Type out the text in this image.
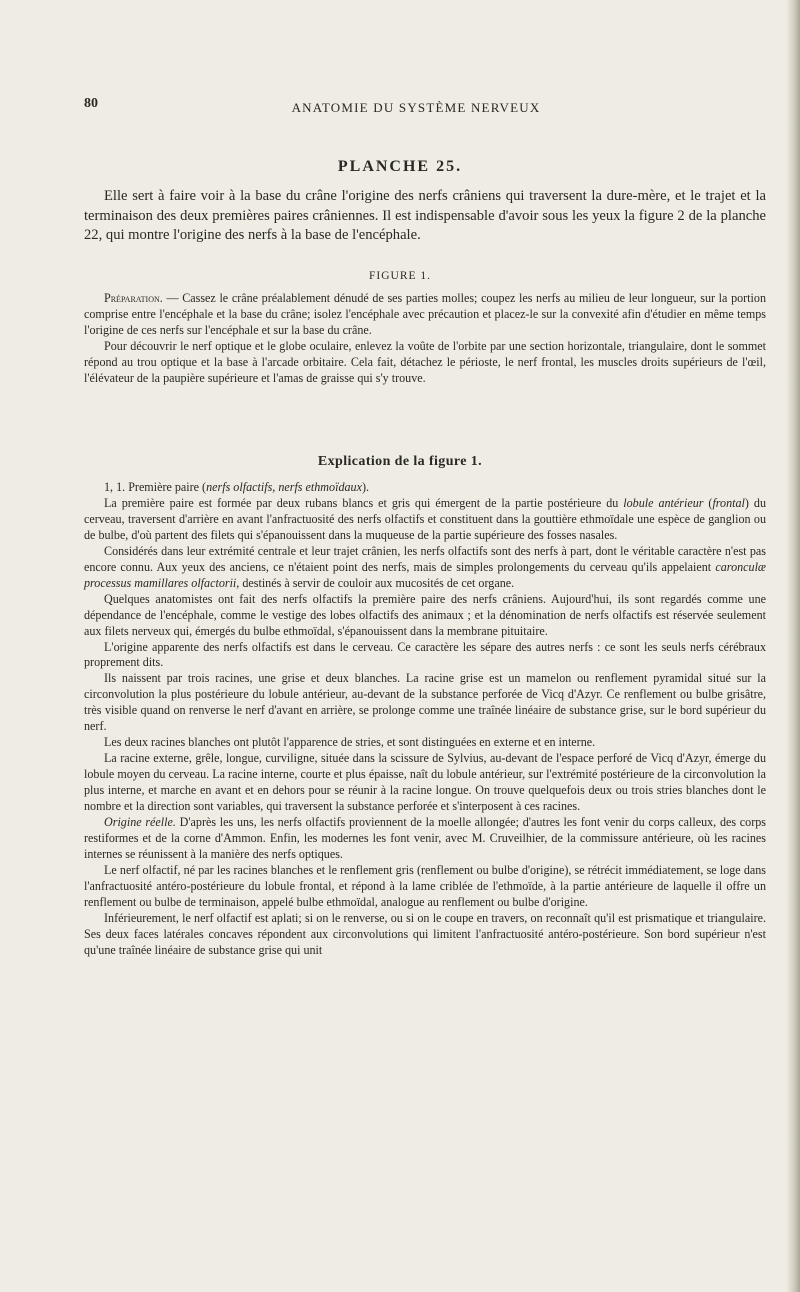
80	ANATOMIE DU SYSTÈME NERVEUX
PLANCHE 25.

Elle sert à faire voir à la base du crâne l'origine des nerfs crâniens qui traversent la dure-mère, et le trajet et la terminaison des deux premières paires crâniennes. Il est indispensable d'avoir sous les yeux la figure 2 de la planche 22, qui montre l'origine des nerfs à la base de l'encéphale.

FIGURE 1.

Préparation. — Cassez le crâne préalablement dénudé de ses parties molles; coupez les nerfs au milieu de leur longueur, sur la portion comprise entre l'encéphale et la base du crâne; isolez l'encéphale avec précaution et placez-le sur la convexité afin d'étudier en même temps l'origine de ces nerfs sur l'encéphale et sur la base du crâne.

Pour découvrir le nerf optique et le globe oculaire, enlevez la voûte de l'orbite par une section horizontale, triangulaire, dont le sommet répond au trou optique et la base à l'arcade orbitaire. Cela fait, détachez le périoste, le nerf frontal, les muscles droits supérieurs de l'œil, l'élévateur de la paupière supérieure et l'amas de graisse qui s'y trouve.

Explication de la figure 1.

1, 1. Première paire (nerfs olfactifs, nerfs ethmoïdaux).

La première paire est formée par deux rubans blancs et gris qui émergent de la partie postérieure du lobule antérieur (frontal) du cerveau, traversent d'arrière en avant l'anfractuosité des nerfs olfactifs et constituent dans la gouttière ethmoïdale une espèce de ganglion ou de bulbe, d'où partent des filets qui s'épanouissent dans la muqueuse de la partie supérieure des fosses nasales.

Considérés dans leur extrémité centrale et leur trajet crânien, les nerfs olfactifs sont des nerfs à part, dont le véritable caractère n'est pas encore connu. Aux yeux des anciens, ce n'étaient point des nerfs, mais de simples prolongements du cerveau qu'ils appelaient caronculæ processus mamillares olfactorii, destinés à servir de couloir aux mucosités de cet organe.

Quelques anatomistes ont fait des nerfs olfactifs la première paire des nerfs crâniens. Aujourd'hui, ils sont regardés comme une dépendance de l'encéphale, comme le vestige des lobes olfactifs des animaux ; et la dénomination de nerfs olfactifs est réservée seulement aux filets nerveux qui, émergés du bulbe ethmoïdal, s'épanouissent dans la membrane pituitaire.

L'origine apparente des nerfs olfactifs est dans le cerveau. Ce caractère les sépare des autres nerfs : ce sont les seuls nerfs cérébraux proprement dits.

Ils naissent par trois racines, une grise et deux blanches. La racine grise est un mamelon ou renflement pyramidal situé sur la circonvolution la plus postérieure du lobule antérieur, au-devant de la substance perforée de Vicq d'Azyr. Ce renflement ou bulbe grisâtre, très visible quand on renverse le nerf d'avant en arrière, se prolonge comme une traînée linéaire de substance grise, sur le bord supérieur du nerf.

Les deux racines blanches ont plutôt l'apparence de stries, et sont distinguées en externe et en interne.

La racine externe, grêle, longue, curviligne, située dans la scissure de Sylvius, au-devant de l'espace perforé de Vicq d'Azyr, émerge du lobule moyen du cerveau. La racine interne, courte et plus épaisse, naît du lobule antérieur, sur l'extrémité postérieure de la circonvolution la plus interne, et marche en avant et en dehors pour se réunir à la racine longue. On trouve quelquefois deux ou trois stries blanches dont le nombre et la direction sont variables, qui traversent la substance perforée et s'interposent à ces racines.

Origine réelle. D'après les uns, les nerfs olfactifs proviennent de la moelle allongée; d'autres les font venir du corps calleux, des corps restiformes et de la corne d'Ammon. Enfin, les modernes les font venir, avec M. Cruveilhier, de la commissure antérieure, où les racines internes se réunissent à la manière des nerfs optiques.

Le nerf olfactif, né par les racines blanches et le renflement gris (renflement ou bulbe d'origine), se rétrécit immédiatement, se loge dans l'anfractuosité antéro-postérieure du lobule frontal, et répond à la lame criblée de l'ethmoïde, à la partie antérieure de laquelle il offre un renflement ou bulbe de terminaison, appelé bulbe ethmoïdal, analogue au renflement ou bulbe d'origine.

Inférieurement, le nerf olfactif est aplati; si on le renverse, ou si on le coupe en travers, on reconnaît qu'il est prismatique et triangulaire. Ses deux faces latérales concaves répondent aux circonvolutions qui limitent l'anfractuosité antéro-postérieure. Son bord supérieur n'est qu'une traînée linéaire de substance grise qui unit
